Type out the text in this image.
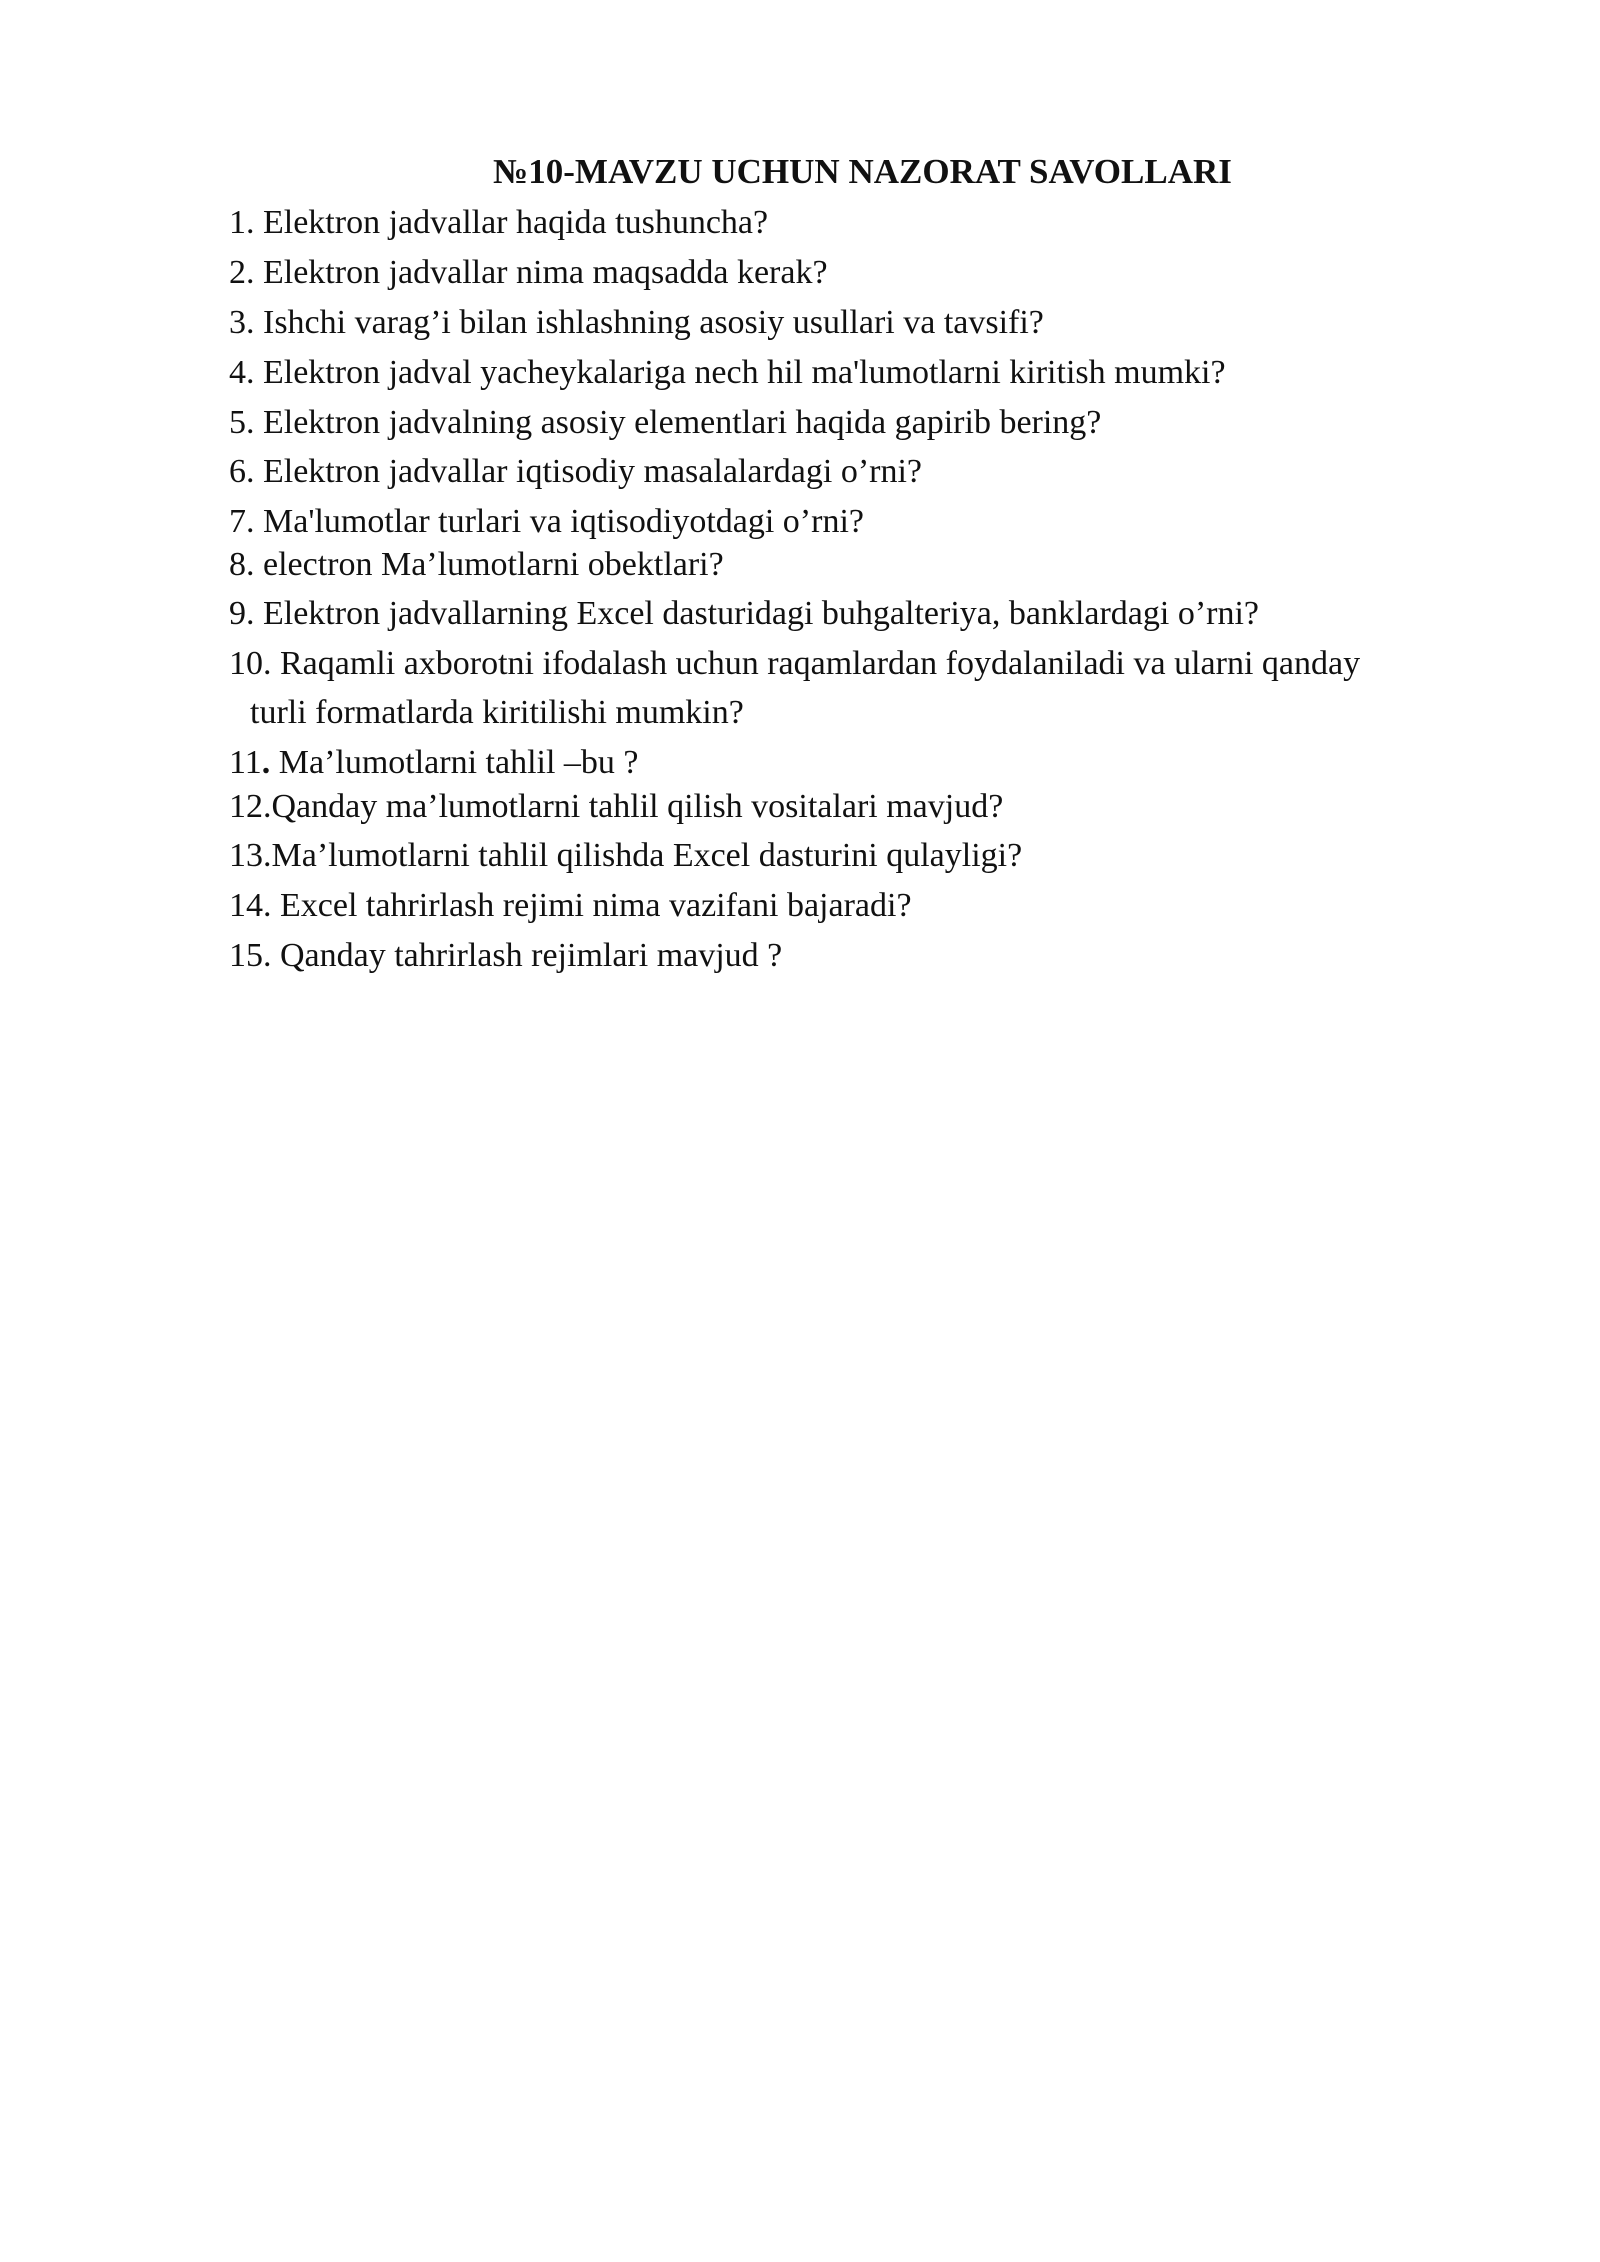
№10-MAVZU UCHUN NAZORAT SAVOLLARI
1. Elektron jadvallar haqida tushuncha?
2. Elektron jadvallar nima maqsadda kerak?
3. Ishchi varag’i bilan ishlashning asosiy usullari va tavsifi?
4. Elektron jadval yacheykalariga nech hil ma'lumotlarni kiritish mumki?
5. Elektron jadvalning asosiy elementlari haqida gapirib bering?
6. Elektron jadvallar iqtisodiy masalalardagi o’rni?
7. Ma'lumotlar turlari va iqtisodiyotdagi o’rni?
8. electron Ma’lumotlarni obektlari?
9. Elektron jadvallarning Excel dasturidagi buhgalteriya, banklardagi o’rni?
10. Raqamli axborotni ifodalash uchun raqamlardan foydalaniladi va ularni qanday
turli formatlarda kiritilishi mumkin?
11. Ma’lumotlarni tahlil –bu ?
12.Qanday ma’lumotlarni tahlil qilish vositalari mavjud?
13.Ma’lumotlarni tahlil qilishda Excel dasturini qulayligi?
14. Excel tahrirlash rejimi nima vazifani bajaradi?
15. Qanday tahrirlash rejimlari mavjud ?
